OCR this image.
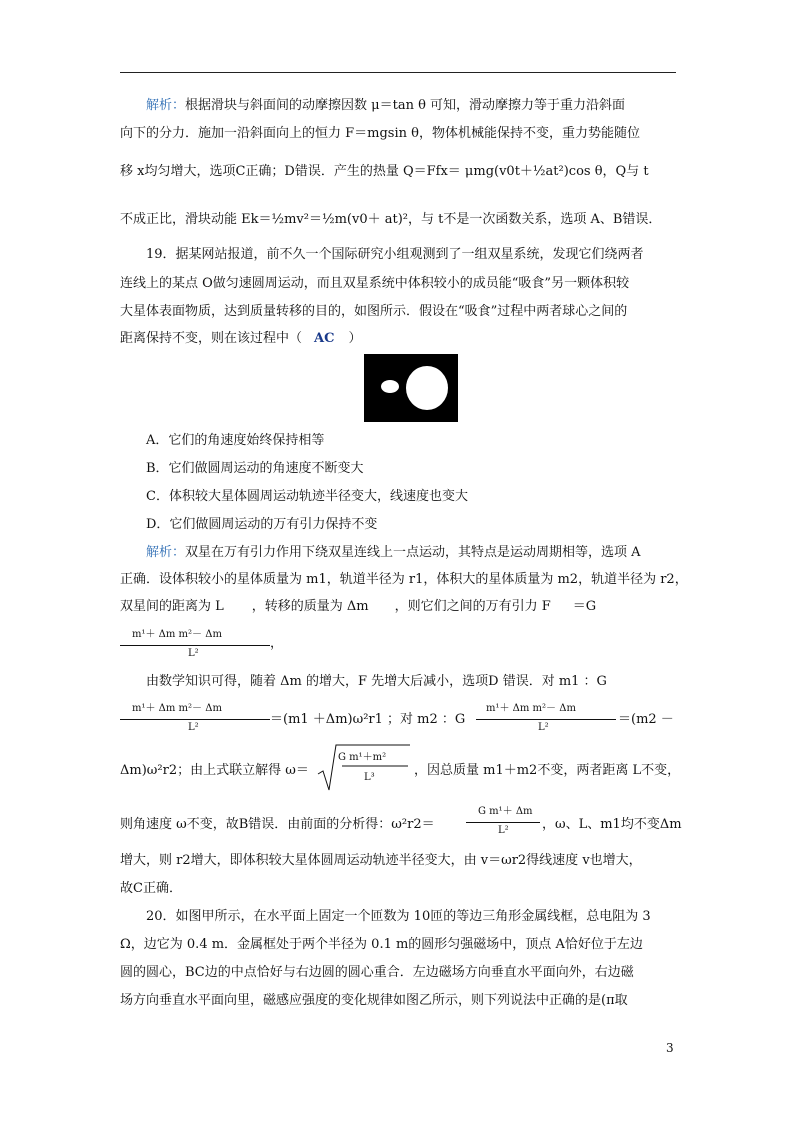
解析：根据滑块与斜面间的动摩擦因数 μ＝tan θ 可知，滑动摩擦力等于重力沿斜面
向下的分力．施加一沿斜面向上的恒力 F＝mgsin θ，物体机械能保持不变，重力势能随位
移 x均匀增大，选项C正确；D错误．产生的热量 Q＝Ffx＝ μmg(v0t＋½at²)cos θ，Q与 t
不成正比，滑块动能 Ek＝½mv²＝½m(v0＋ at)²，与 t不是一次函数关系，选项 A、B错误．
19．据某网站报道，前不久一个国际研究小组观测到了一组双星系统，发现它们绕两者
连线上的某点 O做匀速圆周运动，而且双星系统中体积较小的成员能“吸食”另一颗体积较
大星体表面物质，达到质量转移的目的，如图所示．假设在“吸食”过程中两者球心之间的
距离保持不变，则在该过程中（ AC ）
A．它们的角速度始终保持相等
B．它们做圆周运动的角速度不断变大
C．体积较大星体圆周运动轨迹半径变大，线速度也变大
D．它们做圆周运动的万有引力保持不变
解析：双星在万有引力作用下绕双星连线上一点运动，其特点是运动周期相等，选项 A
正确．设体积较小的星体质量为 m1，轨道半径为 r1，体积大的星体质量为 m2，轨道半径为 r2，
双星间的距离为 L ，转移的质量为 Δm ，则它们之间的万有引力 F ＝G
m¹＋ Δm m²－ Δm
L²
，
由数学知识可得，随着 Δm 的增大，F 先增大后减小，选项D 错误．对 m1 ：G
m¹＋ Δm m²－ Δm
L²
＝(m1 ＋Δm)ω²r1 ；对 m2 ：G
m¹＋ Δm m²－ Δm
L²
＝(m2 －
Δm)ω²r2；由上式联立解得 ω＝
G m¹＋m²
L³	，因总质量 m1＋m2不变，两者距离 L不变，
则角速度 ω不变，故B错误．由前面的分析得：ω²r2＝
G m¹＋ Δm
L²	，ω、L、m1均不变Δm
增大，则 r2增大，即体积较大星体圆周运动轨迹半径变大，由 v＝ωr2得线速度 v也增大，
故C正确．
20．如图甲所示，在水平面上固定一个匝数为 10匝的等边三角形金属线框，总电阻为 3
Ω，边它为 0.4 m．金属框处于两个半径为 0.1 m的圆形匀强磁场中，顶点 A恰好位于左边
圆的圆心，BC边的中点恰好与右边圆的圆心重合．左边磁场方向垂直水平面向外，右边磁
场方向垂直水平面向里，磁感应强度的变化规律如图乙所示，则下列说法中正确的是(π取
3
